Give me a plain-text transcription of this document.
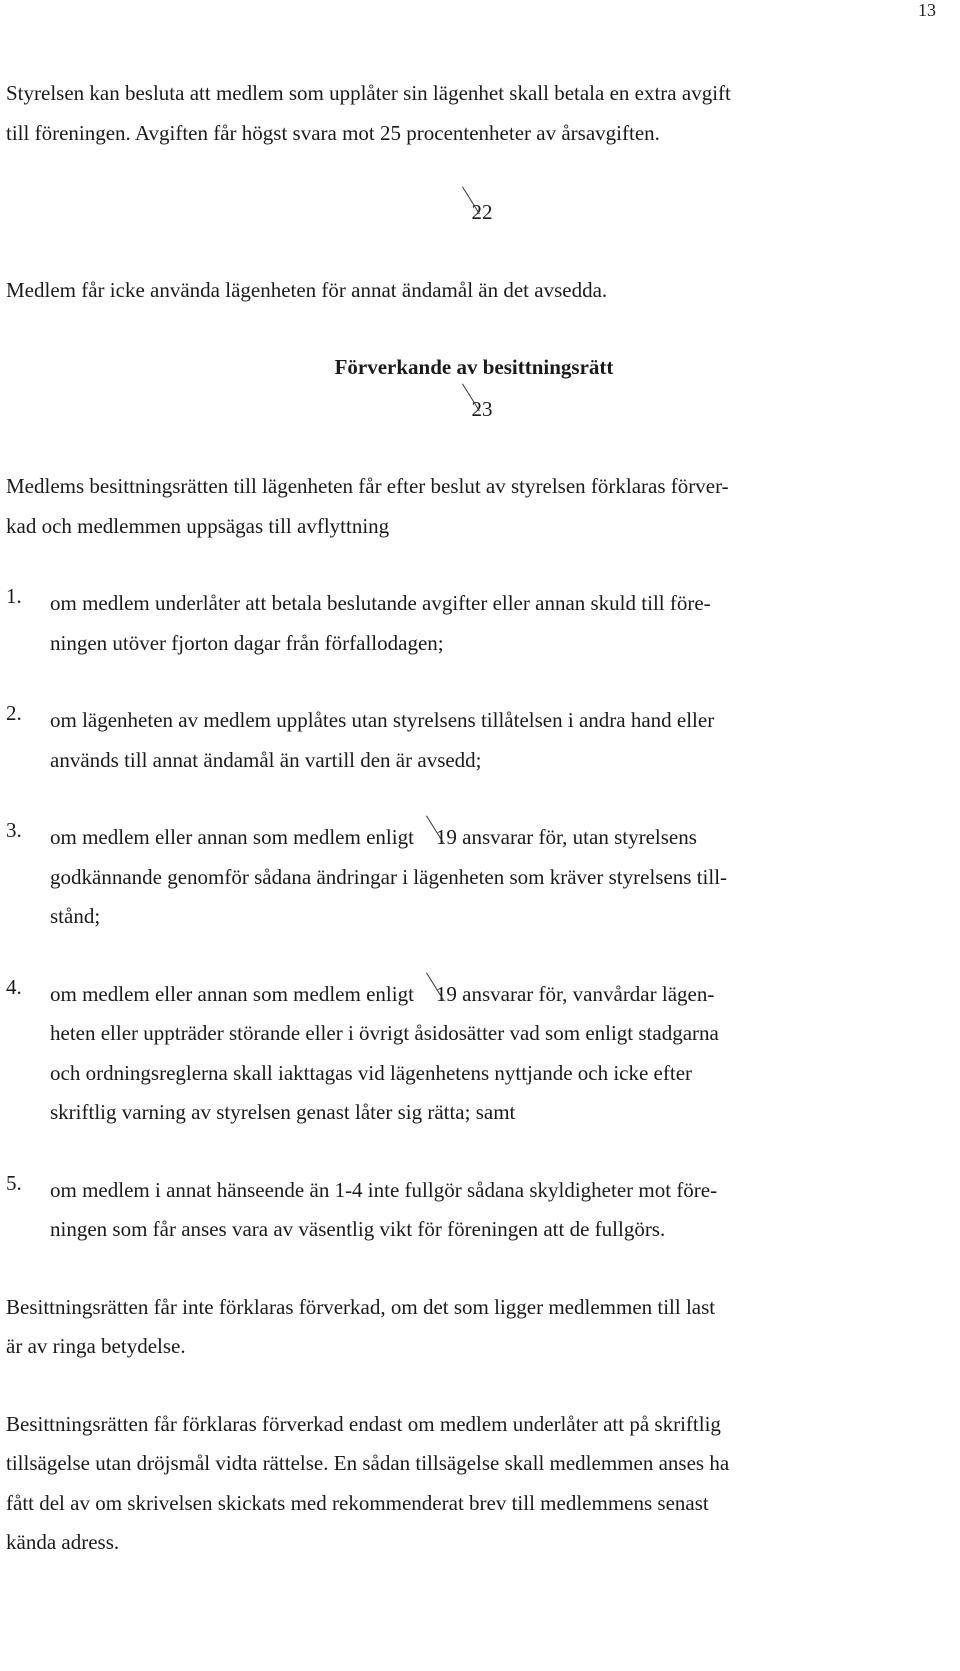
13

Styrelsen kan besluta att medlem som upplåter sin lägenhet skall betala en extra avgift

till föreningen. Avgiften får högst svara mot 25 procentenheter av årsavgiften.

22

Medlem får icke använda lägenheten för annat ändamål än det avsedda.

Förverkande av besittningsrätt

23

Medlems besittningsrätten till lägenheten får efter beslut av styrelsen förklaras förver-

kad och medlemmen uppsägas till avflyttning

1.	om medlem underlåter att betala beslutande avgifter eller annan skuld till före-

ningen utöver fjorton dagar från förfallodagen;

2.	om lägenheten av medlem upplåtes utan styrelsens tillåtelsen i andra hand eller

används till annat ändamål än vartill den är avsedd;

3.	om medlem eller annan som medlem enligt 19 ansvarar för, utan styrelsens

godkännande genomför sådana ändringar i lägenheten som kräver styrelsens till-

stånd;

4.	om medlem eller annan som medlem enligt 19 ansvarar för, vanvårdar lägen-

heten eller uppträder störande eller i övrigt åsidosätter vad som enligt stadgarna

och ordningsreglerna skall iakttagas vid lägenhetens nyttjande och icke efter

skriftlig varning av styrelsen genast låter sig rätta; samt

5.	om medlem i annat hänseende än 1-4 inte fullgör sådana skyldigheter mot före-

ningen som får anses vara av väsentlig vikt för föreningen att de fullgörs.

Besittningsrätten får inte förklaras förverkad, om det som ligger medlemmen till last

är av ringa betydelse.

Besittningsrätten får förklaras förverkad endast om medlem underlåter att på skriftlig

tillsägelse utan dröjsmål vidta rättelse. En sådan tillsägelse skall medlemmen anses ha

fått del av om skrivelsen skickats med rekommenderat brev till medlemmens senast

kända adress.
